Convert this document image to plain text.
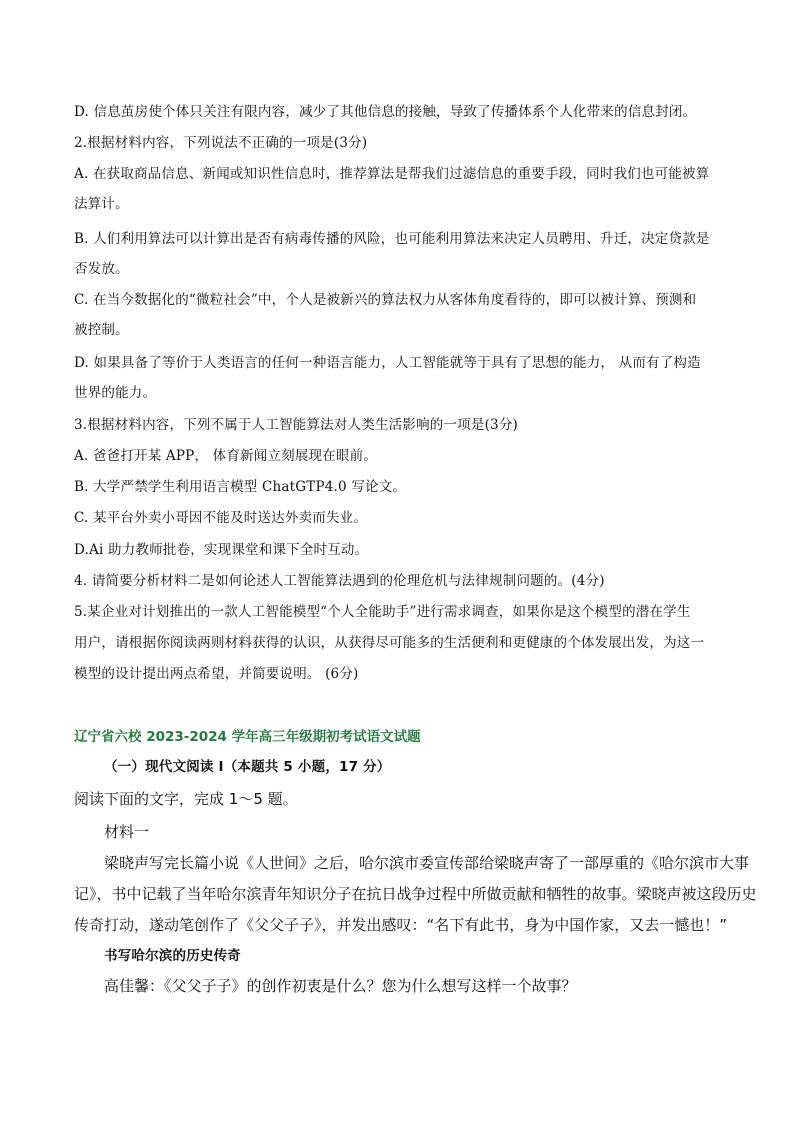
D. 信息茧房使个体只关注有限内容，减少了其他信息的接触，导致了传播体系个人化带来的信息封闭。
2.根据材料内容，下列说法不正确的一项是(3分)
A. 在获取商品信息、新闻或知识性信息时，推荐算法是帮我们过滤信息的重要手段，同时我们也可能被算
法算计。
B. 人们利用算法可以计算出是否有病毒传播的风险，也可能利用算法来决定人员聘用、升迁，决定贷款是
否发放。
C. 在当今数据化的“微粒社会”中，个人是被新兴的算法权力从客体角度看待的，即可以被计算、预测和
被控制。
D. 如果具备了等价于人类语言的任何一种语言能力，人工智能就等于具有了思想的能力， 从而有了构造
世界的能力。
3.根据材料内容，下列不属于人工智能算法对人类生活影响的一项是(3分)
A. 爸爸打开某 APP， 体育新闻立刻展现在眼前。
B. 大学严禁学生利用语言模型 ChatGTP4.0 写论文。
C. 某平台外卖小哥因不能及时送达外卖而失业。
D.Ai 助力教师批卷，实现课堂和课下全时互动。
4. 请简要分析材料二是如何论述人工智能算法遇到的伦理危机与法律规制问题的。(4分)
5.某企业对计划推出的一款人工智能模型“个人全能助手”进行需求调查，如果你是这个模型的潜在学生
用户，请根据你阅读两则材料获得的认识，从获得尽可能多的生活便利和更健康的个体发展出发，为这一
模型的设计提出两点希望，并简要说明。 (6分)
辽宁省六校 2023-2024 学年高三年级期初考试语文试题
（一）现代文阅读 I（本题共 5 小题，17 分）
阅读下面的文字，完成 1～5 题。
材料一
梁晓声写完长篇小说《人世间》之后，哈尔滨市委宣传部给梁晓声寄了一部厚重的《哈尔滨市大事
记》，书中记载了当年哈尔滨青年知识分子在抗日战争过程中所做贡献和牺牲的故事。梁晓声被这段历史
传奇打动，遂动笔创作了《父父子子》，并发出感叹：“名下有此书，身为中国作家，又去一憾也！”
书写哈尔滨的历史传奇
高佳馨：《父父子子》的创作初衷是什么？您为什么想写这样一个故事？
